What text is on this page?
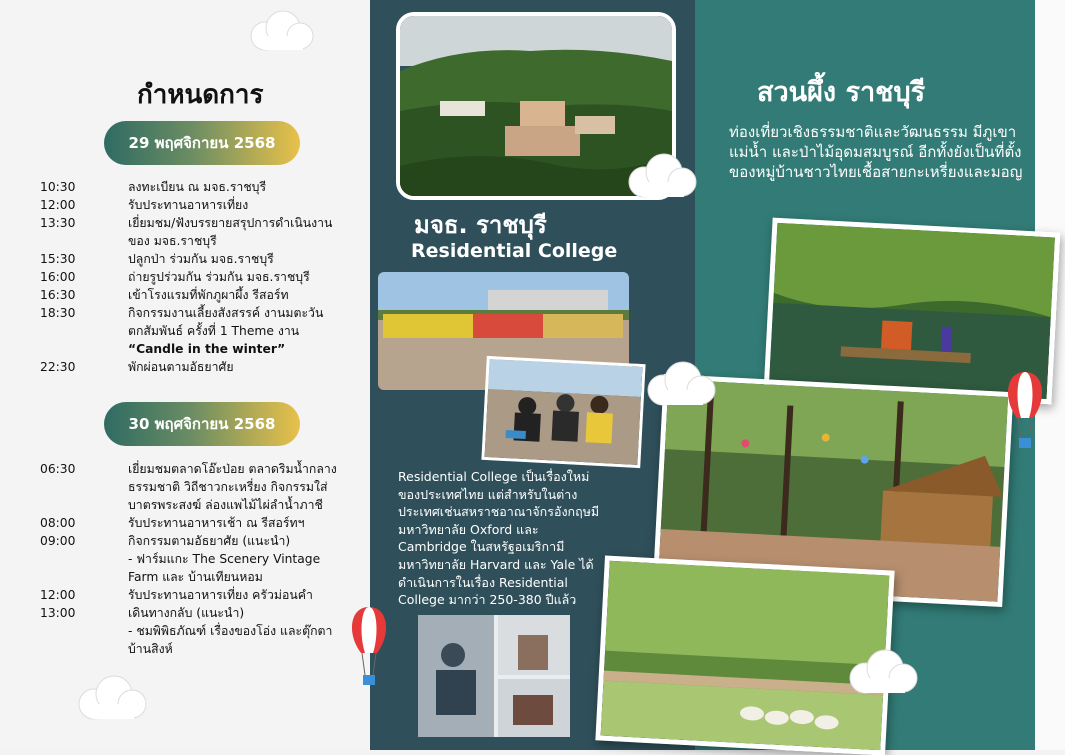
กำหนดการ
29 พฤศจิกายน 2568
10:30	ลงทะเบียน ณ มจธ.ราชบุรี
12:00	รับประทานอาหารเที่ยง
13:30	เยี่ยมชม/ฟังบรรยายสรุปการดำเนินงาน ของ มจธ.ราชบุรี
15:30	ปลูกป่า ร่วมกัน มจธ.ราชบุรี
16:00	ถ่ายรูปร่วมกัน ร่วมกัน มจธ.ราชบุรี
16:30	เข้าโรงแรมที่พักภูผาผึ้ง รีสอร์ท
18:30	กิจกรรมงานเลี้ยงสังสรรค์ งานมตะวันตกสัมพันธ์ ครั้งที่ 1 Theme งาน
“Candle in the winter”
22:30	พักผ่อนตามอัธยาศัย
30 พฤศจิกายน 2568
06:30	เยี่ยมชมตลาดโอ๊ะป่อย ตลาดริมน้ำกลางธรรมชาติ วิถีชาวกะเหรี่ยง กิจกรรมใส่บาตรพระสงฆ์ ล่องแพไม้ไผ่ลำน้ำภาชี
08:00	รับประทานอาหารเช้า ณ รีสอร์ทฯ
09:00	กิจกรรมตามอัธยาศัย (แนะนำ)
- ฟาร์มแกะ The Scenery Vintage Farm และ บ้านเทียนหอม
12:00	รับประทานอาหารเที่ยง ครัวม่อนคำ
13:00	เดินทางกลับ (แนะนำ)
- ชมพิพิธภัณฑ์ เรื่องของโอ่ง และตุ๊กตาบ้านสิงห์
มจธ. ราชบุรี
Residential College
Residential College เป็นเรื่องใหม่ของประเทศไทย แต่สำหรับในต่างประเทศเช่นสหราชอาณาจักรอังกฤษมี มหาวิทยาลัย Oxford และ Cambridge ในสหรัฐอเมริกามีมหาวิทยาลัย Harvard และ Yale ได้ดำเนินการในเรื่อง Residential College มากว่า 250-380 ปีแล้ว
สวนผึ้ง ราชบุรี
ท่องเที่ยวเชิงธรรมชาติและวัฒนธรรม มีภูเขา แม่น้ำ และป่าไม้อุดมสมบูรณ์ อีกทั้งยังเป็นที่ตั้งของหมู่บ้านชาวไทยเชื้อสายกะเหรี่ยงและมอญ
